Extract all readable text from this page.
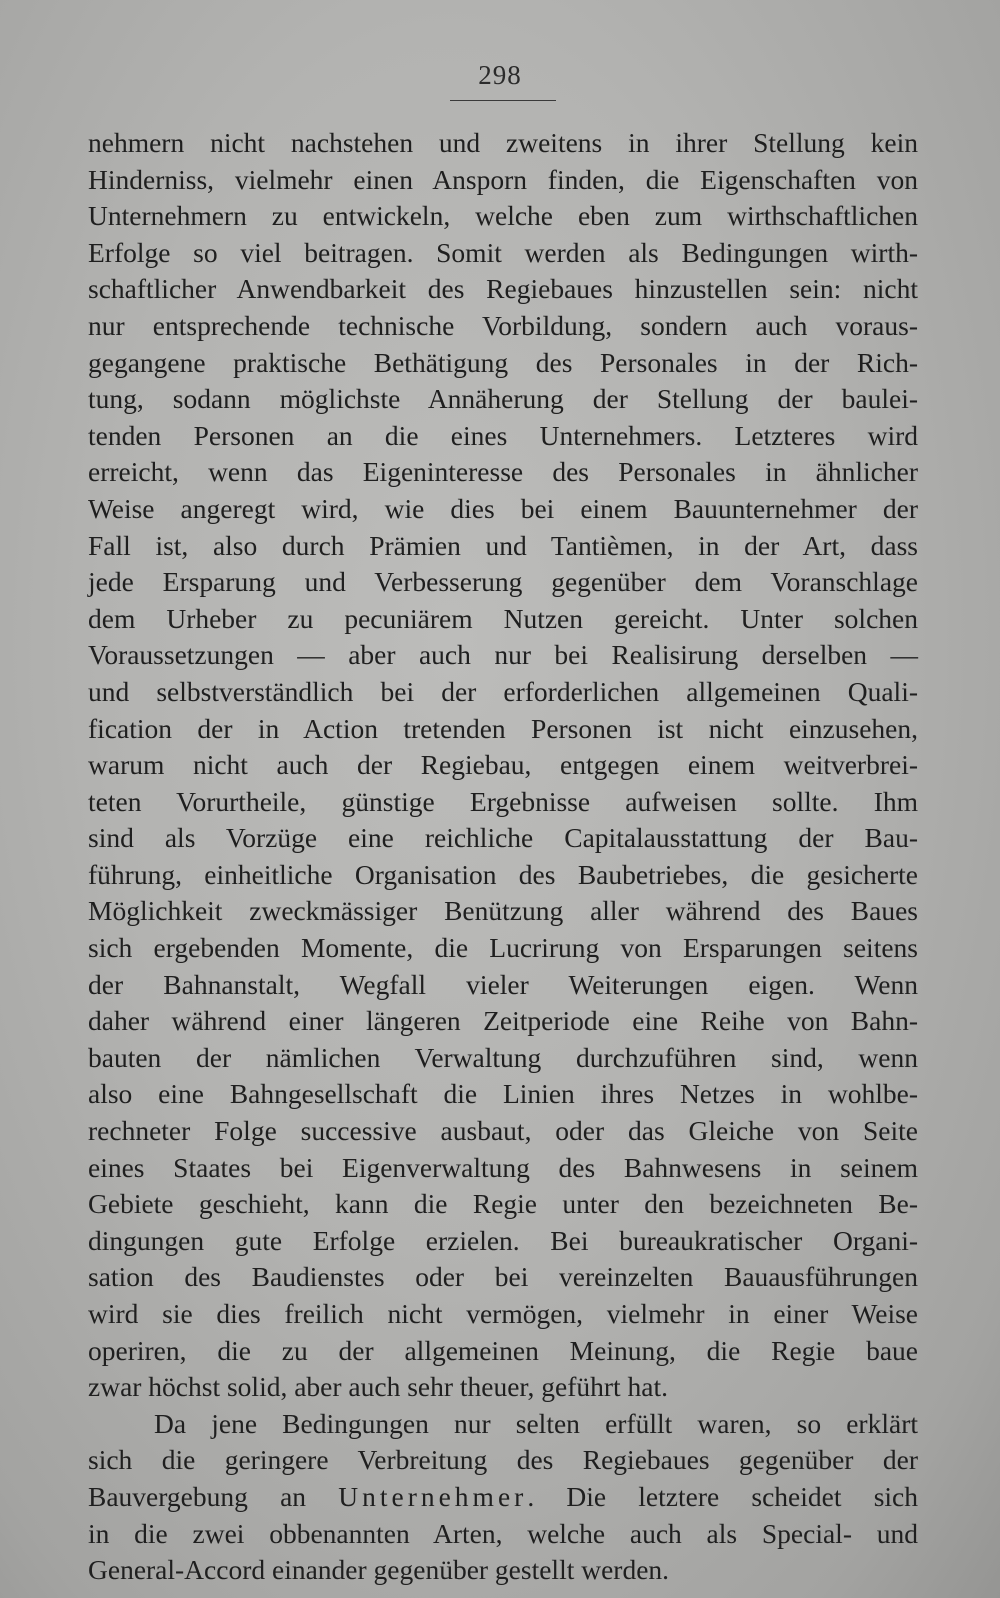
298
nehmern nicht nachstehen und zweitens in ihrer Stellung kein
Hinderniss, vielmehr einen Ansporn finden, die Eigenschaften von
Unternehmern zu entwickeln, welche eben zum wirthschaftlichen
Erfolge so viel beitragen. Somit werden als Bedingungen wirth-
schaftlicher Anwendbarkeit des Regiebaues hinzustellen sein: nicht
nur entsprechende technische Vorbildung, sondern auch voraus-
gegangene praktische Bethätigung des Personales in der Rich-
tung, sodann möglichste Annäherung der Stellung der baulei-
tenden Personen an die eines Unternehmers. Letzteres wird
erreicht, wenn das Eigeninteresse des Personales in ähnlicher
Weise angeregt wird, wie dies bei einem Bauunternehmer der
Fall ist, also durch Prämien und Tantièmen, in der Art, dass
jede Ersparung und Verbesserung gegenüber dem Voranschlage
dem Urheber zu pecuniärem Nutzen gereicht. Unter solchen
Voraussetzungen — aber auch nur bei Realisirung derselben —
und selbstverständlich bei der erforderlichen allgemeinen Quali-
fication der in Action tretenden Personen ist nicht einzusehen,
warum nicht auch der Regiebau, entgegen einem weitverbrei-
teten Vorurtheile, günstige Ergebnisse aufweisen sollte. Ihm
sind als Vorzüge eine reichliche Capitalausstattung der Bau-
führung, einheitliche Organisation des Baubetriebes, die gesicherte
Möglichkeit zweckmässiger Benützung aller während des Baues
sich ergebenden Momente, die Lucrirung von Ersparungen seitens
der Bahnanstalt, Wegfall vieler Weiterungen eigen. Wenn
daher während einer längeren Zeitperiode eine Reihe von Bahn-
bauten der nämlichen Verwaltung durchzuführen sind, wenn
also eine Bahngesellschaft die Linien ihres Netzes in wohlbe-
rechneter Folge successive ausbaut, oder das Gleiche von Seite
eines Staates bei Eigenverwaltung des Bahnwesens in seinem
Gebiete geschieht, kann die Regie unter den bezeichneten Be-
dingungen gute Erfolge erzielen. Bei bureaukratischer Organi-
sation des Baudienstes oder bei vereinzelten Bauausführungen
wird sie dies freilich nicht vermögen, vielmehr in einer Weise
operiren, die zu der allgemeinen Meinung, die Regie baue
zwar höchst solid, aber auch sehr theuer, geführt hat.
Da jene Bedingungen nur selten erfüllt waren, so erklärt
sich die geringere Verbreitung des Regiebaues gegenüber der
Bauvergebung an Unternehmer. Die letztere scheidet sich
in die zwei obbenannten Arten, welche auch als Special- und
General-Accord einander gegenüber gestellt werden.
